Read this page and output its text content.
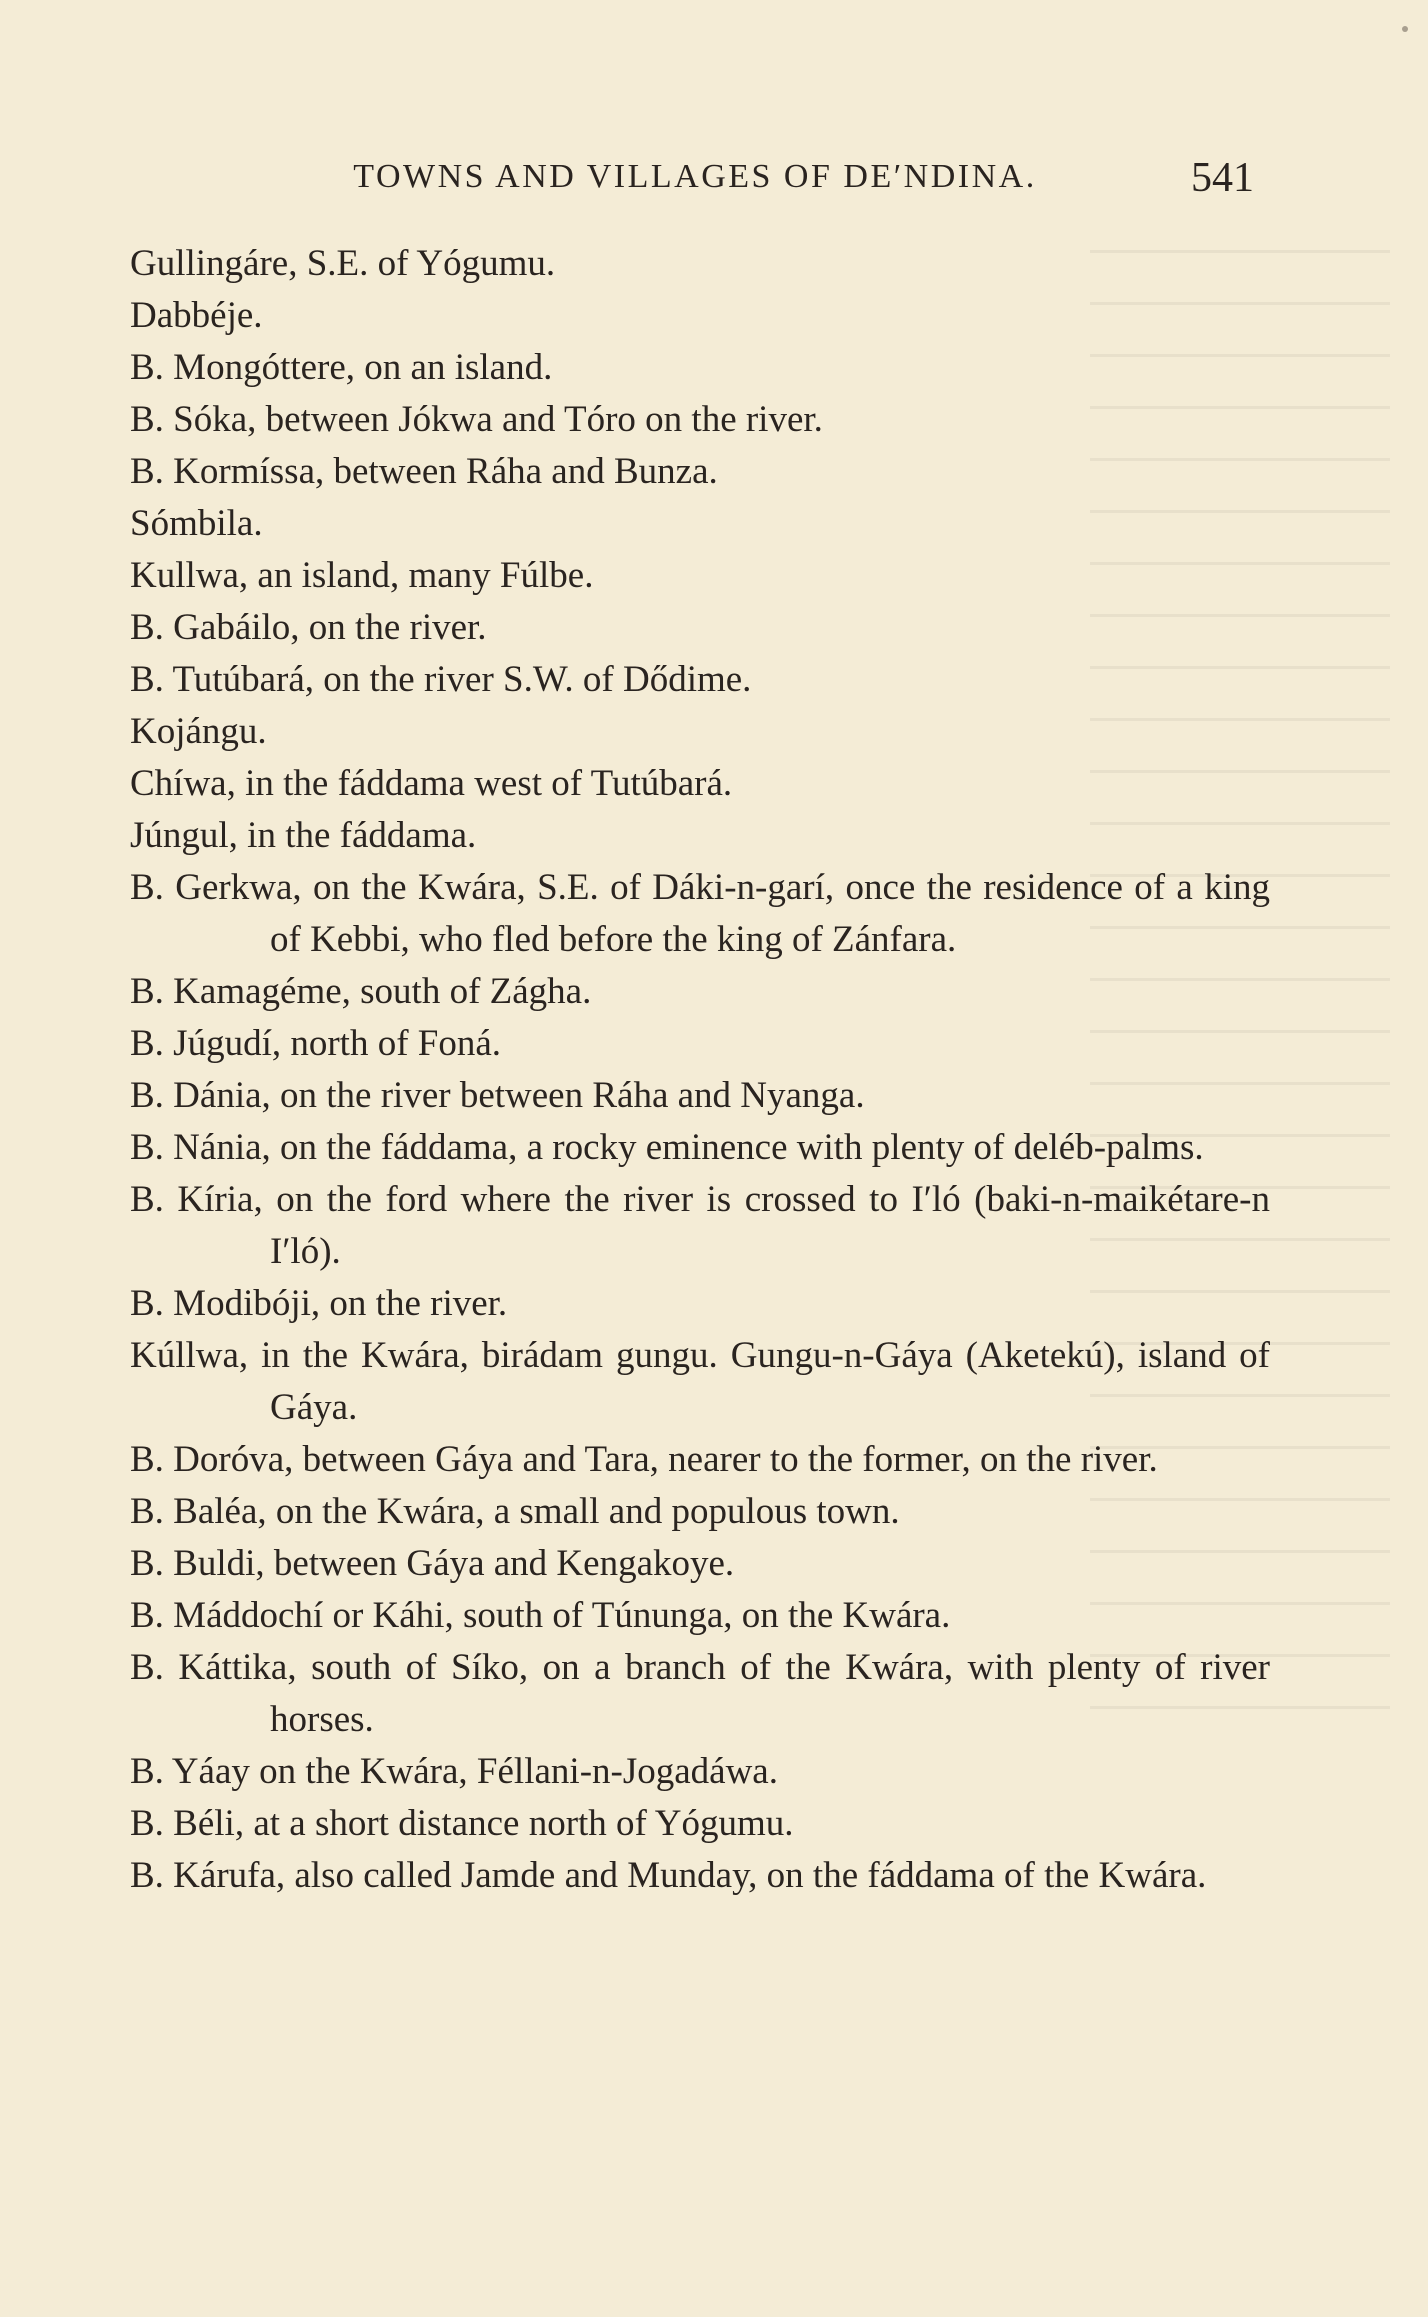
TOWNS AND VILLAGES OF DE′NDINA.	541

Gullingáre, S.E. of Yógumu.

Dabbéje.

B. Mongóttere, on an island.

B. Sóka, between Jókwa and Tóro on the river.

B. Kormíssa, between Ráha and Bunza.

Sómbila.

Kullwa, an island, many Fúlbe.

B. Gabáilo, on the river.

B. Tutúbará, on the river S.W. of Dődime.

Kojángu.

Chíwa, in the fáddama west of Tutúbará.

Júngul, in the fáddama.

B. Gerkwa, on the Kwára, S.E. of Dáki-n-garí, once the residence of a king of Kebbi, who fled before the king of Zánfara.

B. Kamagéme, south of Zágha.

B. Júgudí, north of Foná.

B. Dánia, on the river between Ráha and Nyanga.

B. Nánia, on the fáddama, a rocky eminence with plenty of deléb-palms.

B. Kíria, on the ford where the river is crossed to I′ló (baki-n-maikétare-n I′ló).

B. Modibóji, on the river.

Kúllwa, in the Kwára, birádam gungu. Gungu-n-Gáya (Aketekú), island of Gáya.

B. Doróva, between Gáya and Tara, nearer to the former, on the river.

B. Baléa, on the Kwára, a small and populous town.

B. Buldi, between Gáya and Kengakoye.

B. Máddochí or Káhi, south of Túnunga, on the Kwára.

B. Káttika, south of Síko, on a branch of the Kwára, with plenty of river horses.

B. Yáay on the Kwára, Féllani-n-Jogadáwa.

B. Béli, at a short distance north of Yógumu.

B. Kárufa, also called Jamde and Munday, on the fáddama of the Kwára.
